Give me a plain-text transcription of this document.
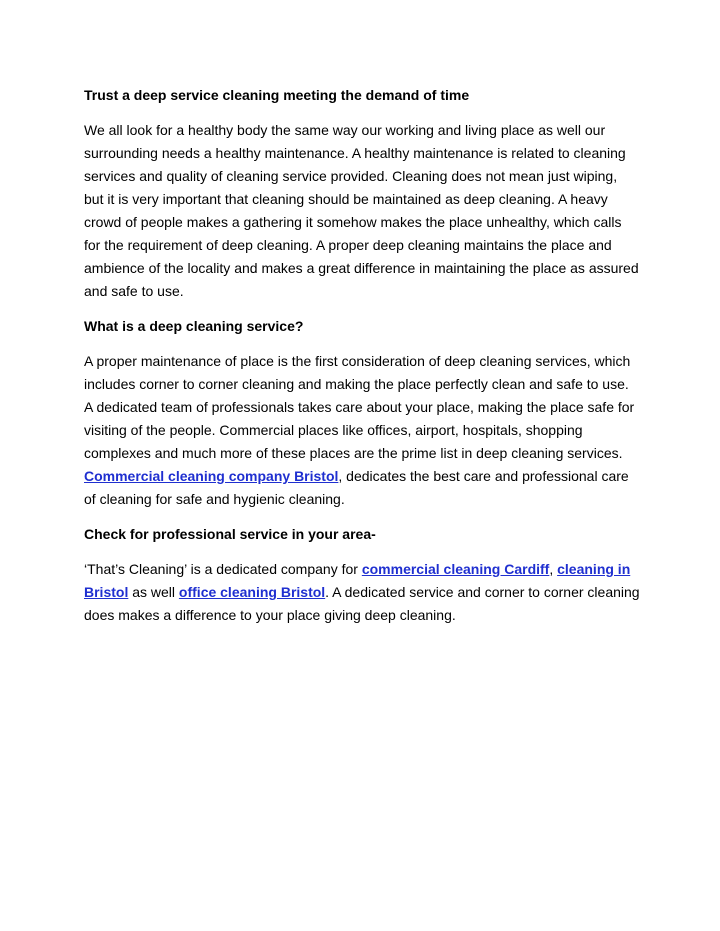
Trust a deep service cleaning meeting the demand of time

We all look for a healthy body the same way our working and living place as well our surrounding needs a healthy maintenance. A healthy maintenance is related to cleaning services and quality of cleaning service provided. Cleaning does not mean just wiping, but it is very important that cleaning should be maintained as deep cleaning. A heavy crowd of people makes a gathering it somehow makes the place unhealthy, which calls for the requirement of deep cleaning. A proper deep cleaning maintains the place and ambience of the locality and makes a great difference in maintaining the place as assured and safe to use.

What is a deep cleaning service?

A proper maintenance of place is the first consideration of deep cleaning services, which includes corner to corner cleaning and making the place perfectly clean and safe to use. A dedicated team of professionals takes care about your place, making the place safe for visiting of the people. Commercial places like offices, airport, hospitals, shopping complexes and much more of these places are the prime list in deep cleaning services. Commercial cleaning company Bristol, dedicates the best care and professional care of cleaning for safe and hygienic cleaning.

Check for professional service in your area-

‘That’s Cleaning’ is a dedicated company for commercial cleaning Cardiff, cleaning in Bristol as well office cleaning Bristol. A dedicated service and corner to corner cleaning does makes a difference to your place giving deep cleaning.
